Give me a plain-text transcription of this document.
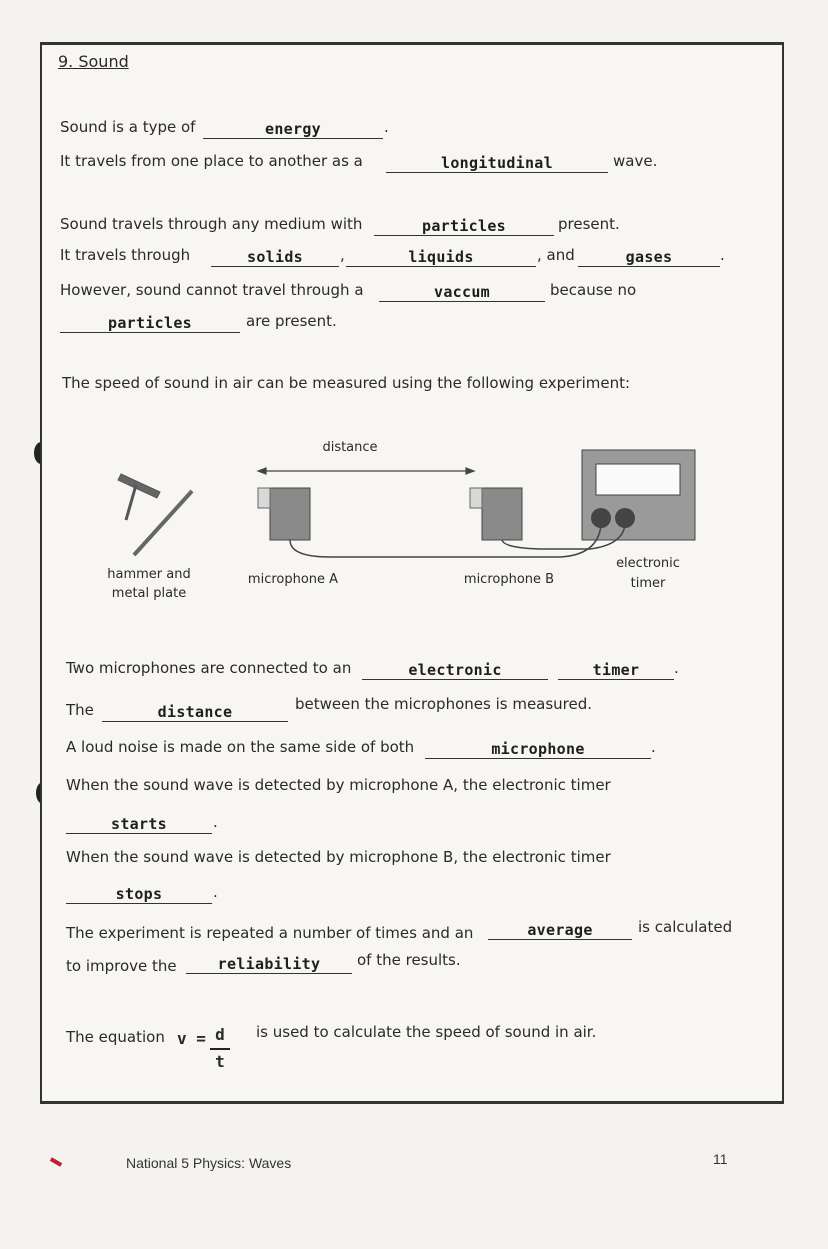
9. Sound
Sound is a type of	energy	.
It travels from one place to another as a	longitudinal	wave.
Sound travels through any medium with	particles	present.
It travels through	solids	,	liquids	, and	gases	.
However, sound cannot travel through a	vaccum	because no
particles	are present.
The speed of sound in air can be measured using the following experiment:
distance
hammer and
metal plate
microphone A	microphone B
electronic
timer
Two microphones are connected to an	electronic	timer	.
The	distance	between the microphones is measured.
A loud noise is made on the same side of both	microphone	.
When the sound wave is detected by microphone A, the electronic timer
starts	.
When the sound wave is detected by microphone B, the electronic timer
stops	.
The experiment is repeated a number of times and an	average	is calculated
to improve the	reliability	of the results.
The equation v = d
t
is used to calculate the speed of sound in air.
National 5 Physics: Waves	11
